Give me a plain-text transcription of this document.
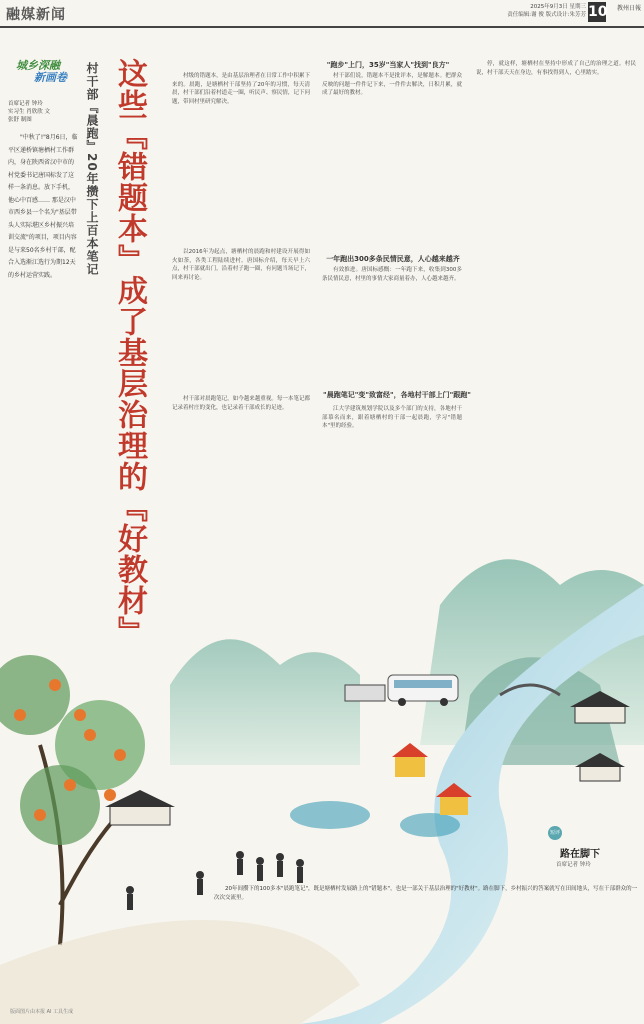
融媒新闻	2025年9月3日 星期三
责任编辑:谢 俊 版式设计:朱芳芳 10 教州日報
城乡深融
新画卷
首席记者 钟玲
实习生 肖欣欣 文
张舒 制图
"中秋了!"8月6日，临平区递桥镇塘栖村工作群内，身在陕西省汉中市的村党委书记唐国标发了这样一条消息。放下手机，他心中百感…… 那是汉中市西乡县一个名为"基层带头人实际堪区乡村振兴培训交流"的项目，项目内容是与来50名乡村干部，配合入选渐江选行为期12天的乡村运营实践。	村干部『晨跑』20年攒下上百本笔记 这些『错题本』成了基层治理的『好教材』	"跑步"上门，35岁"当家人"找到"良方"

村级的错题本，是由基层治理者在日常工作中积累下来的。晨跑，是塘栖村干部坚持了20年的习惯，每天清晨，村干部们沿着村道走一圈，听民声、察民情，记下问题，带回村里研究解决。

村干部们说，错题本不是批评本，是解题本。把群众反映的问题一件件记下来，一件件去解决，日积月累，就成了最好的教材。

停，就这样，塘栖村在坚持中形成了自己的治理之道。村民说，村干部天天在身边，有事找得到人，心里踏实。

一年跑出300多条民情民意，人心越来越齐

以2016年为起点，塘栖村的晨跑和村建设开展得如火如荼，各类工程陆续进村。唐国标介绍，每天早上六点，村干部就出门，沿着村子跑一圈，有问题当场记下，回来再讨论。

有效推进。唐国标感慨：一年跑下来，收集到300多条民情民意，村里的事情大家商量着办，人心越来越齐。

"晨跑笔记"变"致富经"，各地村干部上门"跟跑"

村干部对晨跑笔记，如今越来越重视。每一本笔记都记录着村庄的变化，也记录着干部成长的足迹。	江大学建筑规划学院以及多个部门的支持，各地村干部慕名而来，跟着塘栖村的干部一起晨跑，学习"错题本"里的经验。

短评
路在脚下
首席记者 钟玲
20年间攒下的100多本"晨跑笔记"，既是塘栖村发展路上的"错题本"，也是一部关于基层治理的"好教材"。路在脚下，乡村振兴的答案就写在田间地头，写在干部群众的一次次交流里。
版面图片由本报 AI 工具生成
